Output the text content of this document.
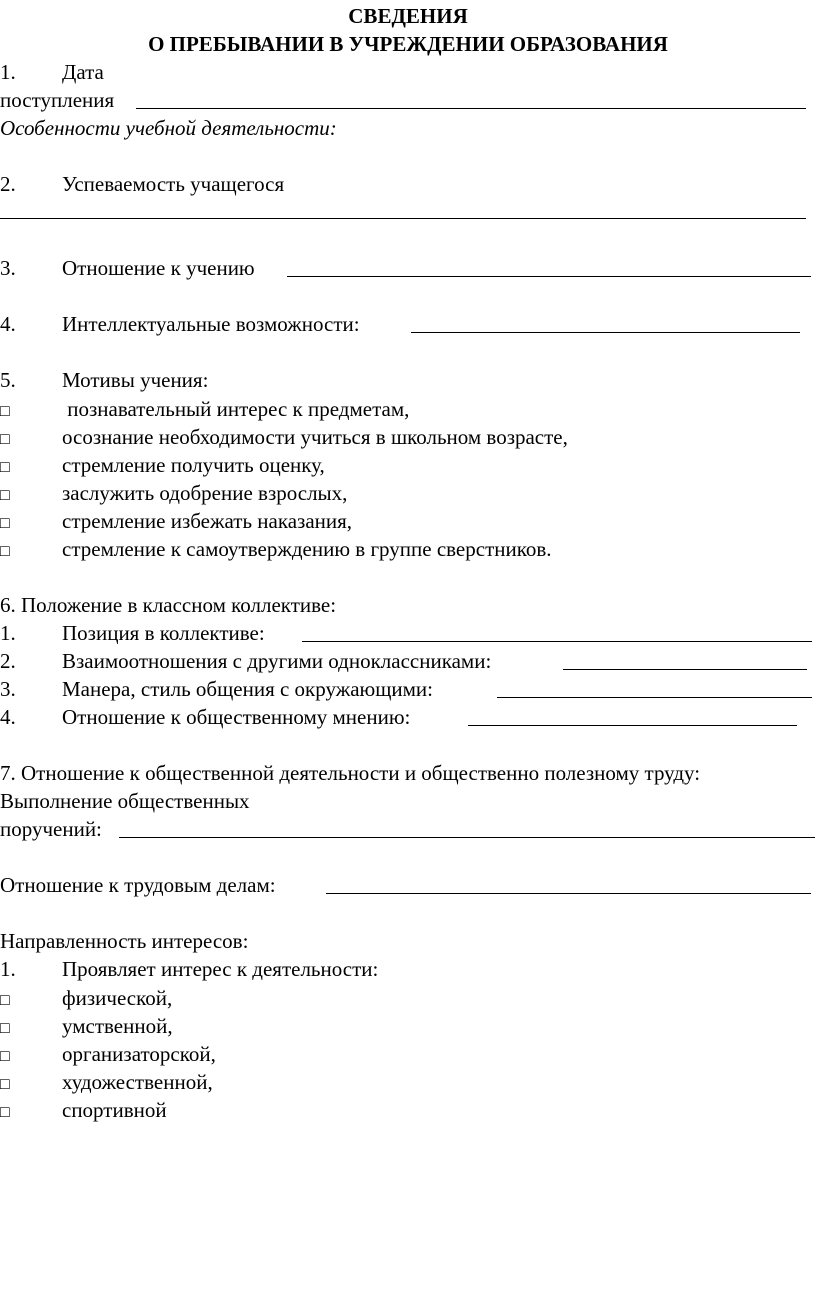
СВЕДЕНИЯ
О ПРЕБЫВАНИИ В УЧРЕЖДЕНИИ ОБРАЗОВАНИЯ
1. Дата
поступления
Особенности учебной деятельности:
2. Успеваемость учащегося
3. Отношение к учению
4. Интеллектуальные возможности:
5. Мотивы учения:
□ познавательный интерес к предметам,
□ осознание необходимости учиться в школьном возрасте,
□ стремление получить оценку,
□ заслужить одобрение взрослых,
□ стремление избежать наказания,
□ стремление к самоутверждению в группе сверстников.
6. Положение в классном коллективе:
1. Позиция в коллективе:
2. Взаимоотношения с другими одноклассниками:
3. Манера, стиль общения с окружающими:
4. Отношение к общественному мнению:
7. Отношение к общественной деятельности и общественно полезному труду:
Выполнение общественных
поручений:
Отношение к трудовым делам:
Направленность интересов:
1. Проявляет интерес к деятельности:
□ физической,
□ умственной,
□ организаторской,
□ художественной,
□ спортивной
